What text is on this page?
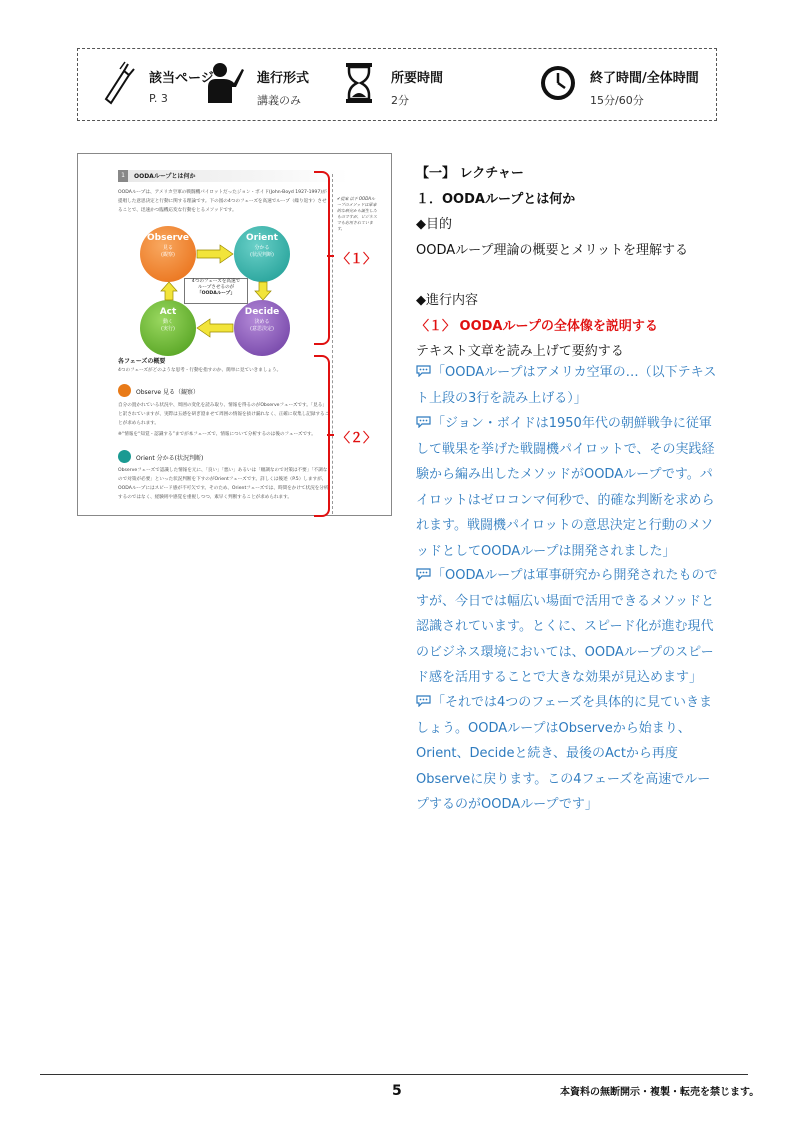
該当ページ
P. 3
進行形式
講義のみ
所要時間
2分
終了時間/全体時間
15分/60分
1	OODAループとは何か
✔提案 以下 OODAループのメソッドは軍事的な研究から誕生したものですが、ビジネスでも応用されています。
OODAループは、アメリカ空軍の戦闘機パイロットだったジョン・ボイド(John-Boyd 1927-1997)が提唱した意思決定と行動に関する理論です。下の図の4つのフェーズを高速でループ（繰り返す）させることで、迅速かつ臨機応変な行動をとるメソッドです。
Observe
見る
(観察)
Orient
分かる
(状況判断)
Decide
決める
(意思決定)
Act
動く
(実行)
4つのフェーズを高速で
ループさせるのが
「OODAループ」
各フェーズの概要
4つのフェーズがどのような思考・行動を指すのか、簡単に見ていきましょう。
Observe 見る（観察）
自分の置かれている状況や、周囲の変化を読み取り、情報を得るのがObserveフェーズです。「見る」と訳されていますが、実際は五感を研ぎ澄ませて周囲の情報を抜け漏れなく、正確に収集し記録することが求められます。
※“情報を“知覚・認識する”までが本フェーズで、情報について分析するのは後のフェーズです。
Orient 分かる(状況判断)
Observeフェーズで認識した情報を元に、「良い」「悪い」あるいは「順調なので対策は不要」「不調なので対策が必要」といった状況判断を下すのがOrientフェーズです。詳しくは後述（P.5）しますが、OODAループにはスピード感が不可欠です。そのため、Orientフェーズでは、時間をかけて状況を分析するのではなく、経験則や感覚を重視しつつ、素早く判断することが求められます。
〈１〉
〈２〉
【一】 レクチャー
１．OODAループとは何か
◆目的
OODAループ理論の概要とメリットを理解する
◆進行内容
〈１〉 OODAループの全体像を説明する
テキスト文章を読み上げて要約する
「OODAループはアメリカ空軍の…（以下テキスト上段の3行を読み上げる）」
「ジョン・ボイドは1950年代の朝鮮戦争に従軍して戦果を挙げた戦闘機パイロットで、その実践経験から編み出したメソッドがOODAループです。パイロットはゼロコンマ何秒で、的確な判断を求められます。戦闘機パイロットの意思決定と行動のメソッドとしてOODAループは開発されました」
「OODAループは軍事研究から開発されたものですが、今日では幅広い場面で活用できるメソッドと認識されています。とくに、スピード化が進む現代のビジネス環境においては、OODAループのスピード感を活用することで大きな効果が見込めます」
「それでは4つのフェーズを具体的に見ていきましょう。OODAループはObserveから始まり、Orient、Decideと続き、最後のActから再度Observeに戻ります。この4フェーズを高速でループするのがOODAループです」
5	本資料の無断開示・複製・転売を禁じます。
